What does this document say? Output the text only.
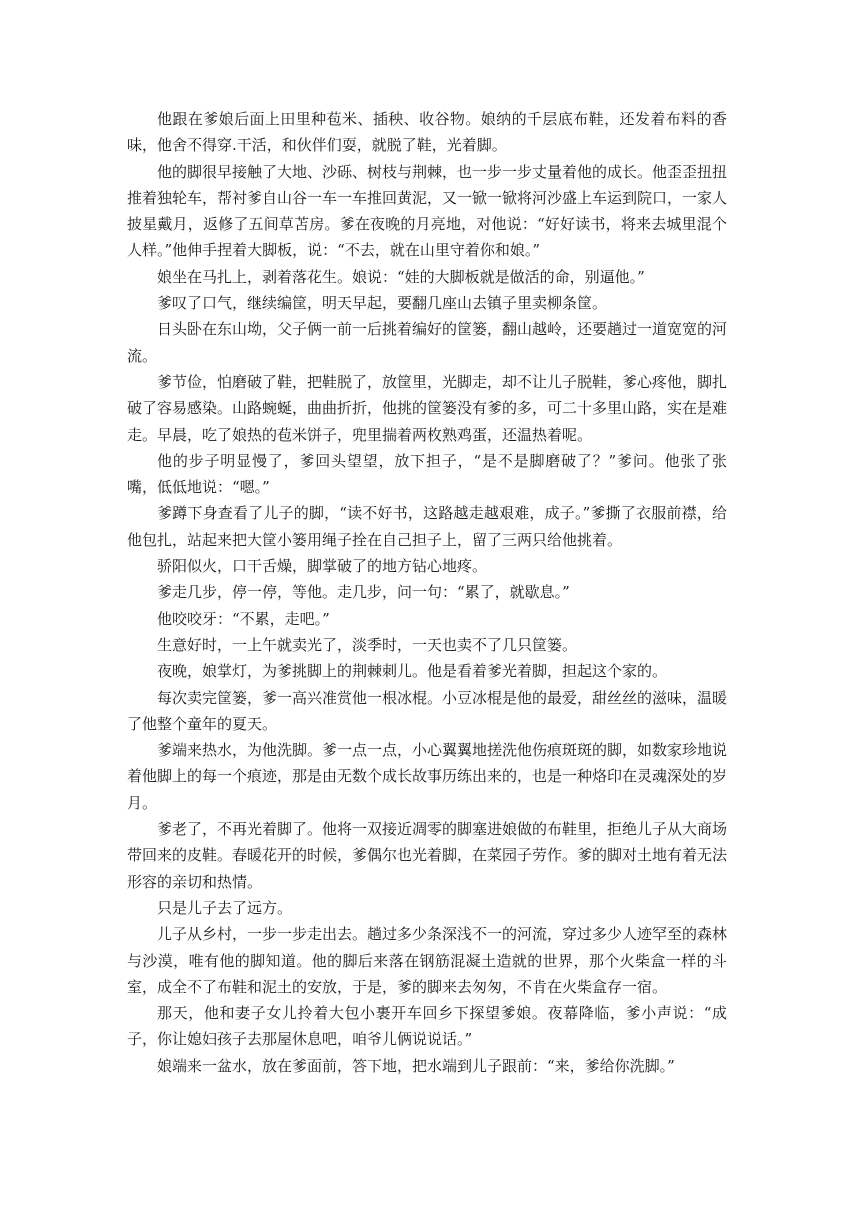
他跟在爹娘后面上田里种苞米、插秧、收谷物。娘纳的千层底布鞋，还发着布料的香味，他舍不得穿.干活，和伙伴们耍，就脱了鞋，光着脚。

他的脚很早接触了大地、沙砾、树枝与荆棘，也一步一步丈量着他的成长。他歪歪扭扭推着独轮车，帮衬爹自山谷一车一车推回黄泥，又一锨一锨将河沙盛上车运到院口，一家人披星戴月，返修了五间草苫房。爹在夜晚的月亮地，对他说：“好好读书，将来去城里混个人样。”他伸手捏着大脚板，说：“不去，就在山里守着你和娘。”

娘坐在马扎上，剥着落花生。娘说：“娃的大脚板就是做活的命，别逼他。”

爹叹了口气，继续编筐，明天早起，要翻几座山去镇子里卖柳条筐。

日头卧在东山坳，父子俩一前一后挑着编好的筐篓，翻山越岭，还要趟过一道宽宽的河流。

爹节俭，怕磨破了鞋，把鞋脱了，放筐里，光脚走，却不让儿子脱鞋，爹心疼他，脚扎破了容易感染。山路蜿蜒，曲曲折折，他挑的筐篓没有爹的多，可二十多里山路，实在是难走。早晨，吃了娘热的苞米饼子，兜里揣着两枚熟鸡蛋，还温热着呢。

他的步子明显慢了，爹回头望望，放下担子，“是不是脚磨破了？”爹问。他张了张嘴，低低地说：“嗯。”

爹蹲下身查看了儿子的脚，“读不好书，这路越走越艰难，成子。”爹撕了衣服前襟，给他包扎，站起来把大筐小篓用绳子拴在自己担子上，留了三两只给他挑着。

骄阳似火，口干舌燥，脚掌破了的地方钻心地疼。

爹走几步，停一停，等他。走几步，问一句：“累了，就歇息。”

他咬咬牙：“不累，走吧。”

生意好时，一上午就卖光了，淡季时，一天也卖不了几只筐篓。

夜晚，娘掌灯，为爹挑脚上的荆棘刺儿。他是看着爹光着脚，担起这个家的。

每次卖完筐篓，爹一高兴准赏他一根冰棍。小豆冰棍是他的最爱，甜丝丝的滋味，温暖了他整个童年的夏天。

爹端来热水，为他洗脚。爹一点一点，小心翼翼地搓洗他伤痕斑斑的脚，如数家珍地说着他脚上的每一个痕迹，那是由无数个成长故事历练出来的，也是一种烙印在灵魂深处的岁月。

爹老了，不再光着脚了。他将一双接近凋零的脚塞进娘做的布鞋里，拒绝儿子从大商场带回来的皮鞋。春暖花开的时候，爹偶尔也光着脚，在菜园子劳作。爹的脚对土地有着无法形容的亲切和热情。

只是儿子去了远方。

儿子从乡村，一步一步走出去。趟过多少条深浅不一的河流，穿过多少人迹罕至的森林与沙漠，唯有他的脚知道。他的脚后来落在钢筋混凝土造就的世界，那个火柴盒一样的斗室，成全不了布鞋和泥土的安放，于是，爹的脚来去匆匆，不肯在火柴盒存一宿。

那天，他和妻子女儿拎着大包小裹开车回乡下探望爹娘。夜幕降临，爹小声说：“成子，你让媳妇孩子去那屋休息吧，咱爷儿俩说说话。”

娘端来一盆水，放在爹面前，答下地，把水端到儿子跟前：“来，爹给你洗脚。”
